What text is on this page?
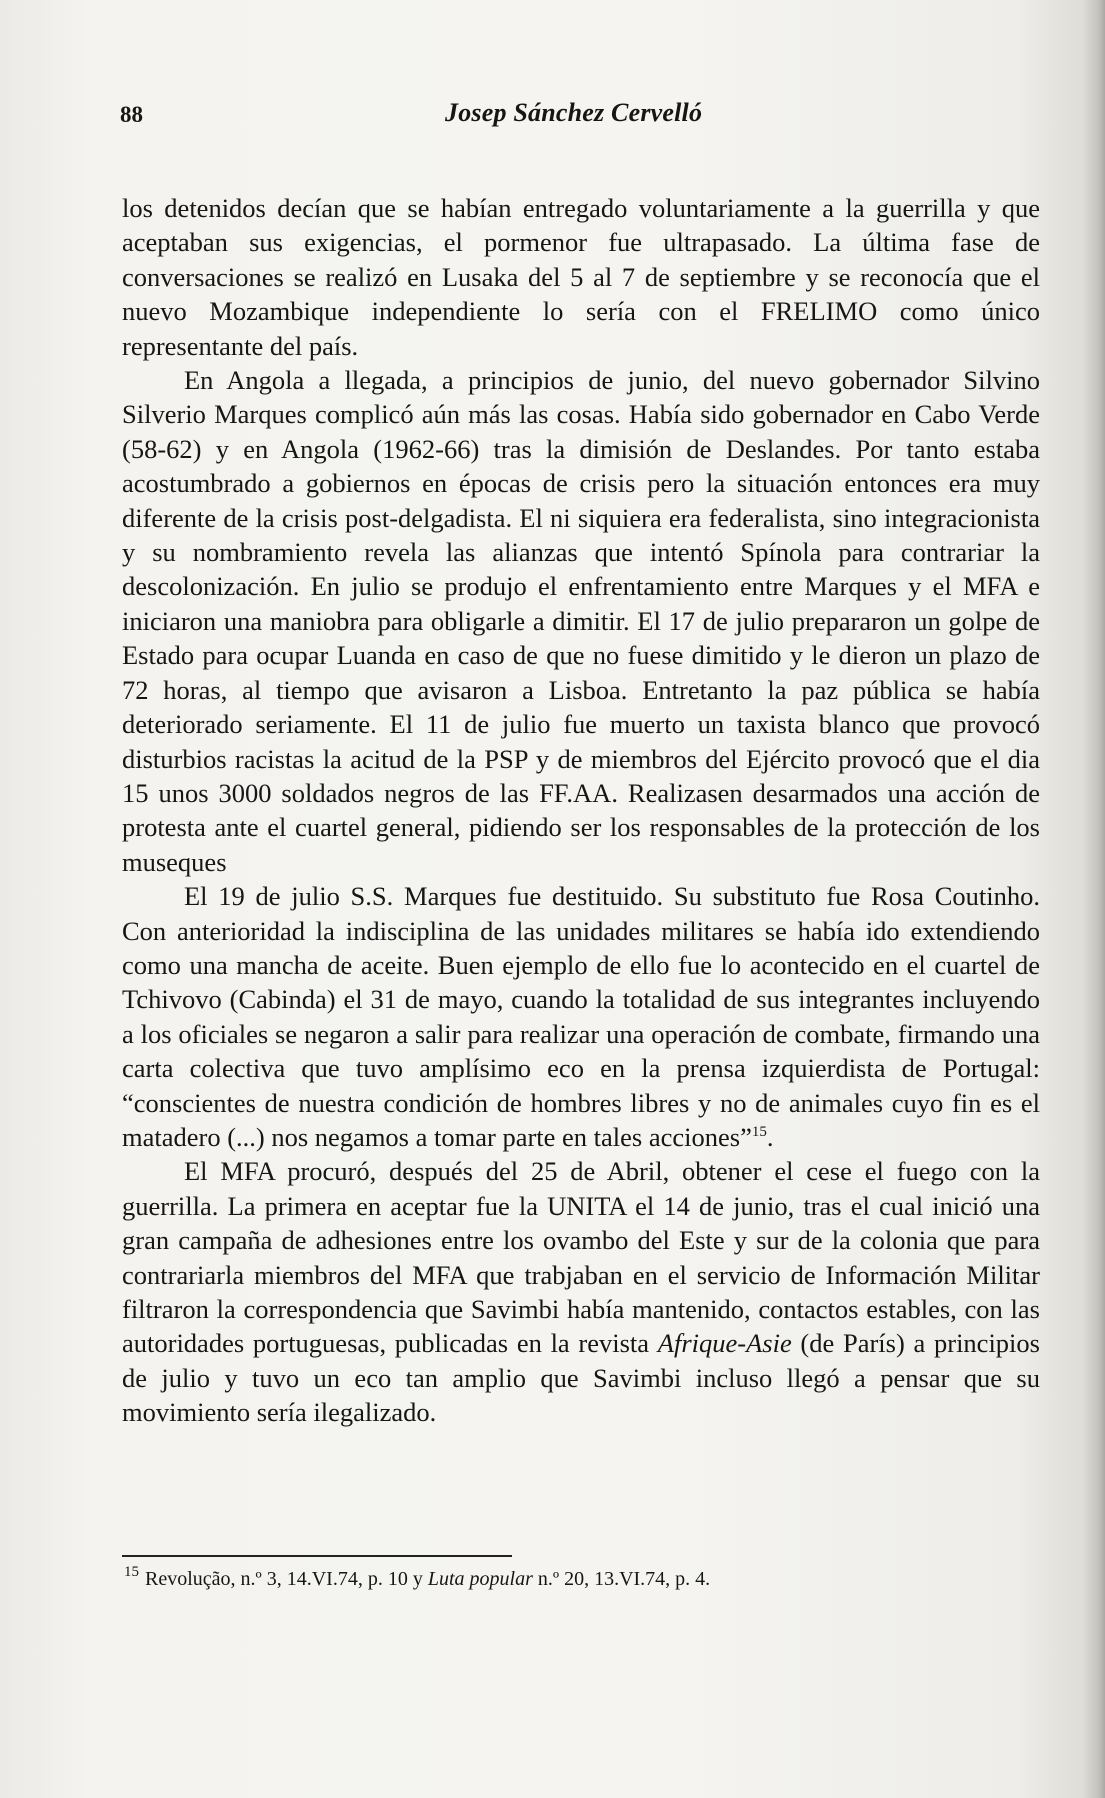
88	Josep Sánchez Cervelló

los detenidos decían que se habían entregado voluntariamente a la guerrilla y que aceptaban sus exigencias, el pormenor fue ultrapasado. La última fase de conversaciones se realizó en Lusaka del 5 al 7 de septiembre y se reconocía que el nuevo Mozambique independiente lo sería con el FRELIMO como único representante del país.

En Angola a llegada, a principios de junio, del nuevo gobernador Silvino Silverio Marques complicó aún más las cosas. Había sido gobernador en Cabo Verde (58-62) y en Angola (1962-66) tras la dimisión de Deslandes. Por tanto estaba acostumbrado a gobiernos en épocas de crisis pero la situación entonces era muy diferente de la crisis post-delgadista. El ni siquiera era federalista, sino integracionista y su nombramiento revela las alianzas que intentó Spínola para contrariar la descolonización. En julio se produjo el enfrentamiento entre Marques y el MFA e iniciaron una maniobra para obligarle a dimitir. El 17 de julio prepararon un golpe de Estado para ocupar Luanda en caso de que no fuese dimitido y le dieron un plazo de 72 horas, al tiempo que avisaron a Lisboa. Entretanto la paz pública se había deteriorado seriamente. El 11 de julio fue muerto un taxista blanco que provocó disturbios racistas la acitud de la PSP y de miembros del Ejército provocó que el dia 15 unos 3000 soldados negros de las FF.AA. Realizasen desarmados una acción de protesta ante el cuartel general, pidiendo ser los responsables de la protección de los museques

El 19 de julio S.S. Marques fue destituido. Su substituto fue Rosa Coutinho. Con anterioridad la indisciplina de las unidades militares se había ido extendiendo como una mancha de aceite. Buen ejemplo de ello fue lo acontecido en el cuartel de Tchivovo (Cabinda) el 31 de mayo, cuando la totalidad de sus integrantes incluyendo a los oficiales se negaron a salir para realizar una operación de combate, firmando una carta colectiva que tuvo amplísimo eco en la prensa izquierdista de Portugal: “conscientes de nuestra condición de hombres libres y no de animales cuyo fin es el matadero (...) nos negamos a tomar parte en tales acciones”$^{15}$.

El MFA procuró, después del 25 de Abril, obtener el cese el fuego con la guerrilla. La primera en aceptar fue la UNITA el 14 de junio, tras el cual inició una gran campaña de adhesiones entre los ovambo del Este y sur de la colonia que para contrariarla miembros del MFA que trabjaban en el servicio de Información Militar filtraron la correspondencia que Savimbi había mantenido, contactos estables, con las autoridades portuguesas, publicadas en la revista Afrique-Asie (de París) a principios de julio y tuvo un eco tan amplio que Savimbi incluso llegó a pensar que su movimiento sería ilegalizado.

$^{15}$ Revolução, n.º 3, 14.VI.74, p. 10 y Luta popular n.º 20, 13.VI.74, p. 4.
